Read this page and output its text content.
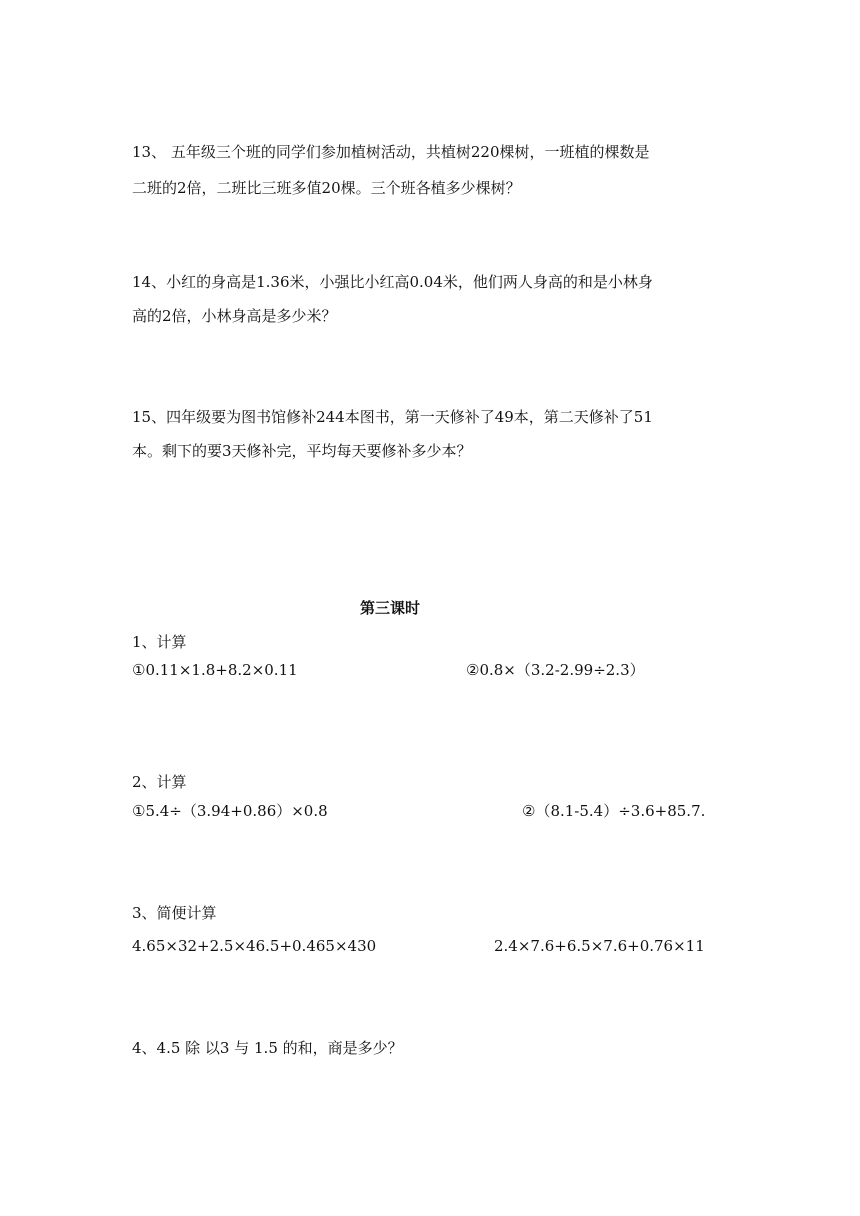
13、 五年级三个班的同学们参加植树活动，共植树220棵树，一班植的棵数是
二班的2倍，二班比三班多值20棵。三个班各植多少棵树？
14、小红的身高是1.36米，小强比小红高0.04米，他们两人身高的和是小林身
高的2倍，小林身高是多少米？
15、四年级要为图书馆修补244本图书，第一天修补了49本，第二天修补了51
本。剩下的要3天修补完，平均每天要修补多少本？
第三课时
1、计算
①0.11×1.8+8.2×0.11	②0.8×（3.2-2.99÷2.3）
2、计算
①5.4÷（3.94+0.86）×0.8	②（8.1-5.4）÷3.6+85.7.
3、简便计算
4.65×32+2.5×46.5+0.465×430	2.4×7.6+6.5×7.6+0.76×11
4、4.5 除 以3 与 1.5 的和，商是多少？
